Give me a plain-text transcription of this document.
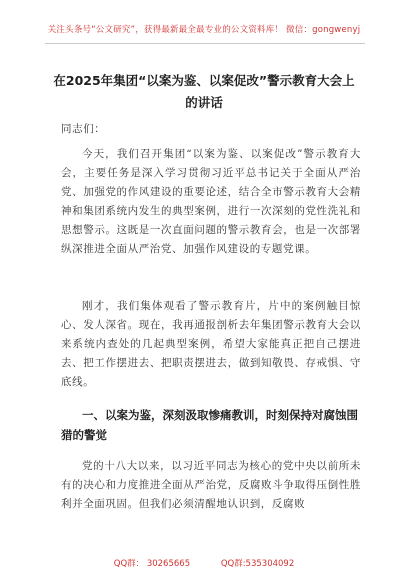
关注头条号“公文研究”，获得最新最全最专业的公文资料库！ 微信：gongwenyj
在2025年集团“以案为鉴、以案促改”警示教育大会上的讲话
同志们：
今天，我们召开集团“以案为鉴、以案促改”警示教育大会，主要任务是深入学习贯彻习近平总书记关于全面从严治党、加强党的作风建设的重要论述，结合全市警示教育大会精神和集团系统内发生的典型案例，进行一次深刻的党性洗礼和思想警示。这既是一次直面问题的警示教育会，也是一次部署纵深推进全面从严治党、加强作风建设的专题党课。
刚才，我们集体观看了警示教育片，片中的案例触目惊心、发人深省。现在，我再通报剖析去年集团警示教育大会以来系统内查处的几起典型案例，希望大家能真正把自己摆进去、把工作摆进去、把职责摆进去，做到知敬畏、存戒惧、守底线。
一、以案为鉴，深刻汲取惨痛教训，时刻保持对腐蚀围猎的警觉
党的十八大以来，以习近平同志为核心的党中央以前所未有的决心和力度推进全面从严治党，反腐败斗争取得压倒性胜利并全面巩固。但我们必须清醒地认识到，反腐败
QQ群： 30265665	QQ群:535304092
